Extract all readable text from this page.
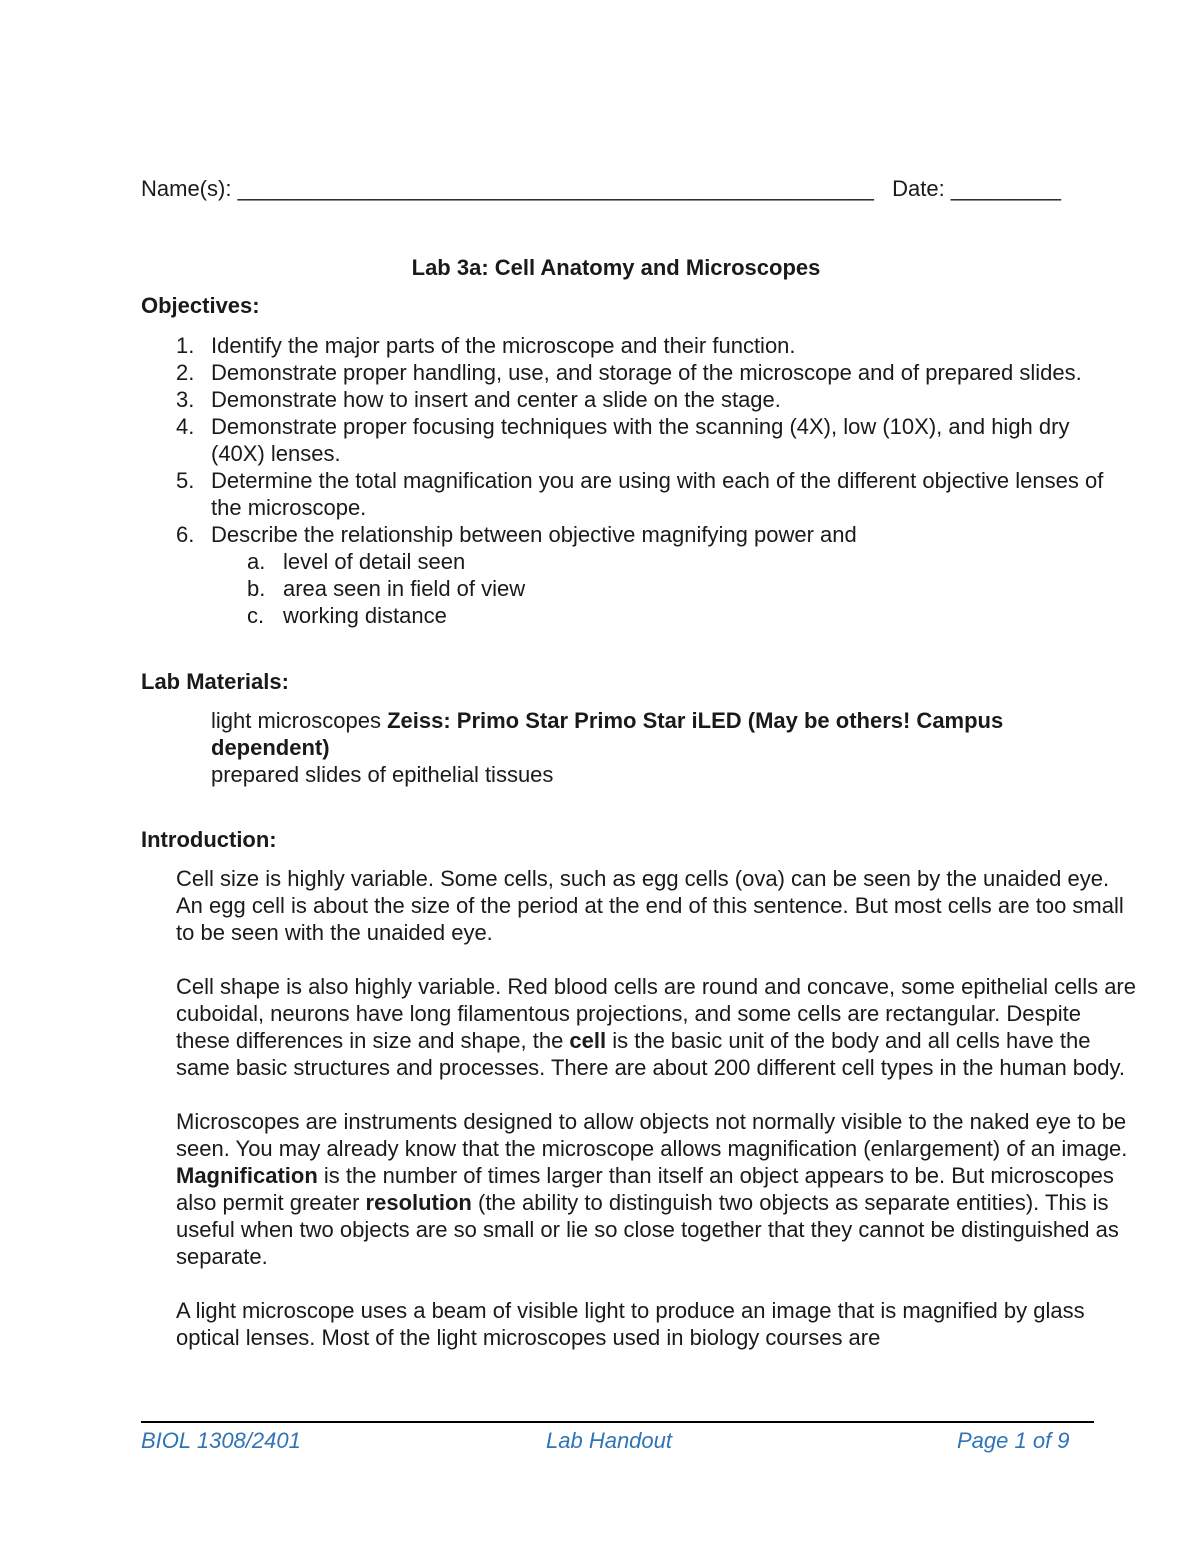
Name(s): ____________________________________________________ Date: _________
Lab 3a: Cell Anatomy and Microscopes
Objectives:
1. Identify the major parts of the microscope and their function.
2. Demonstrate proper handling, use, and storage of the microscope and of prepared slides.
3. Demonstrate how to insert and center a slide on the stage.
4. Demonstrate proper focusing techniques with the scanning (4X), low (10X), and high dry (40X) lenses.
5. Determine the total magnification you are using with each of the different objective lenses of the microscope.
6. Describe the relationship between objective magnifying power and
a. level of detail seen
b. area seen in field of view
c. working distance
Lab Materials:
light microscopes Zeiss: Primo Star Primo Star iLED (May be others! Campus dependent)
prepared slides of epithelial tissues
Introduction:

Cell size is highly variable. Some cells, such as egg cells (ova) can be seen by the unaided eye. An egg cell is about the size of the period at the end of this sentence. But most cells are too small to be seen with the unaided eye.

Cell shape is also highly variable. Red blood cells are round and concave, some epithelial cells are cuboidal, neurons have long filamentous projections, and some cells are rectangular. Despite these differences in size and shape, the cell is the basic unit of the body and all cells have the same basic structures and processes. There are about 200 different cell types in the human body.

Microscopes are instruments designed to allow objects not normally visible to the naked eye to be seen. You may already know that the microscope allows magnification (enlargement) of an image. Magnification is the number of times larger than itself an object appears to be. But microscopes also permit greater resolution (the ability to distinguish two objects as separate entities). This is useful when two objects are so small or lie so close together that they cannot be distinguished as separate.

A light microscope uses a beam of visible light to produce an image that is magnified by glass optical lenses. Most of the light microscopes used in biology courses are

BIOL 1308/2401	Lab Handout	Page 1 of 9
